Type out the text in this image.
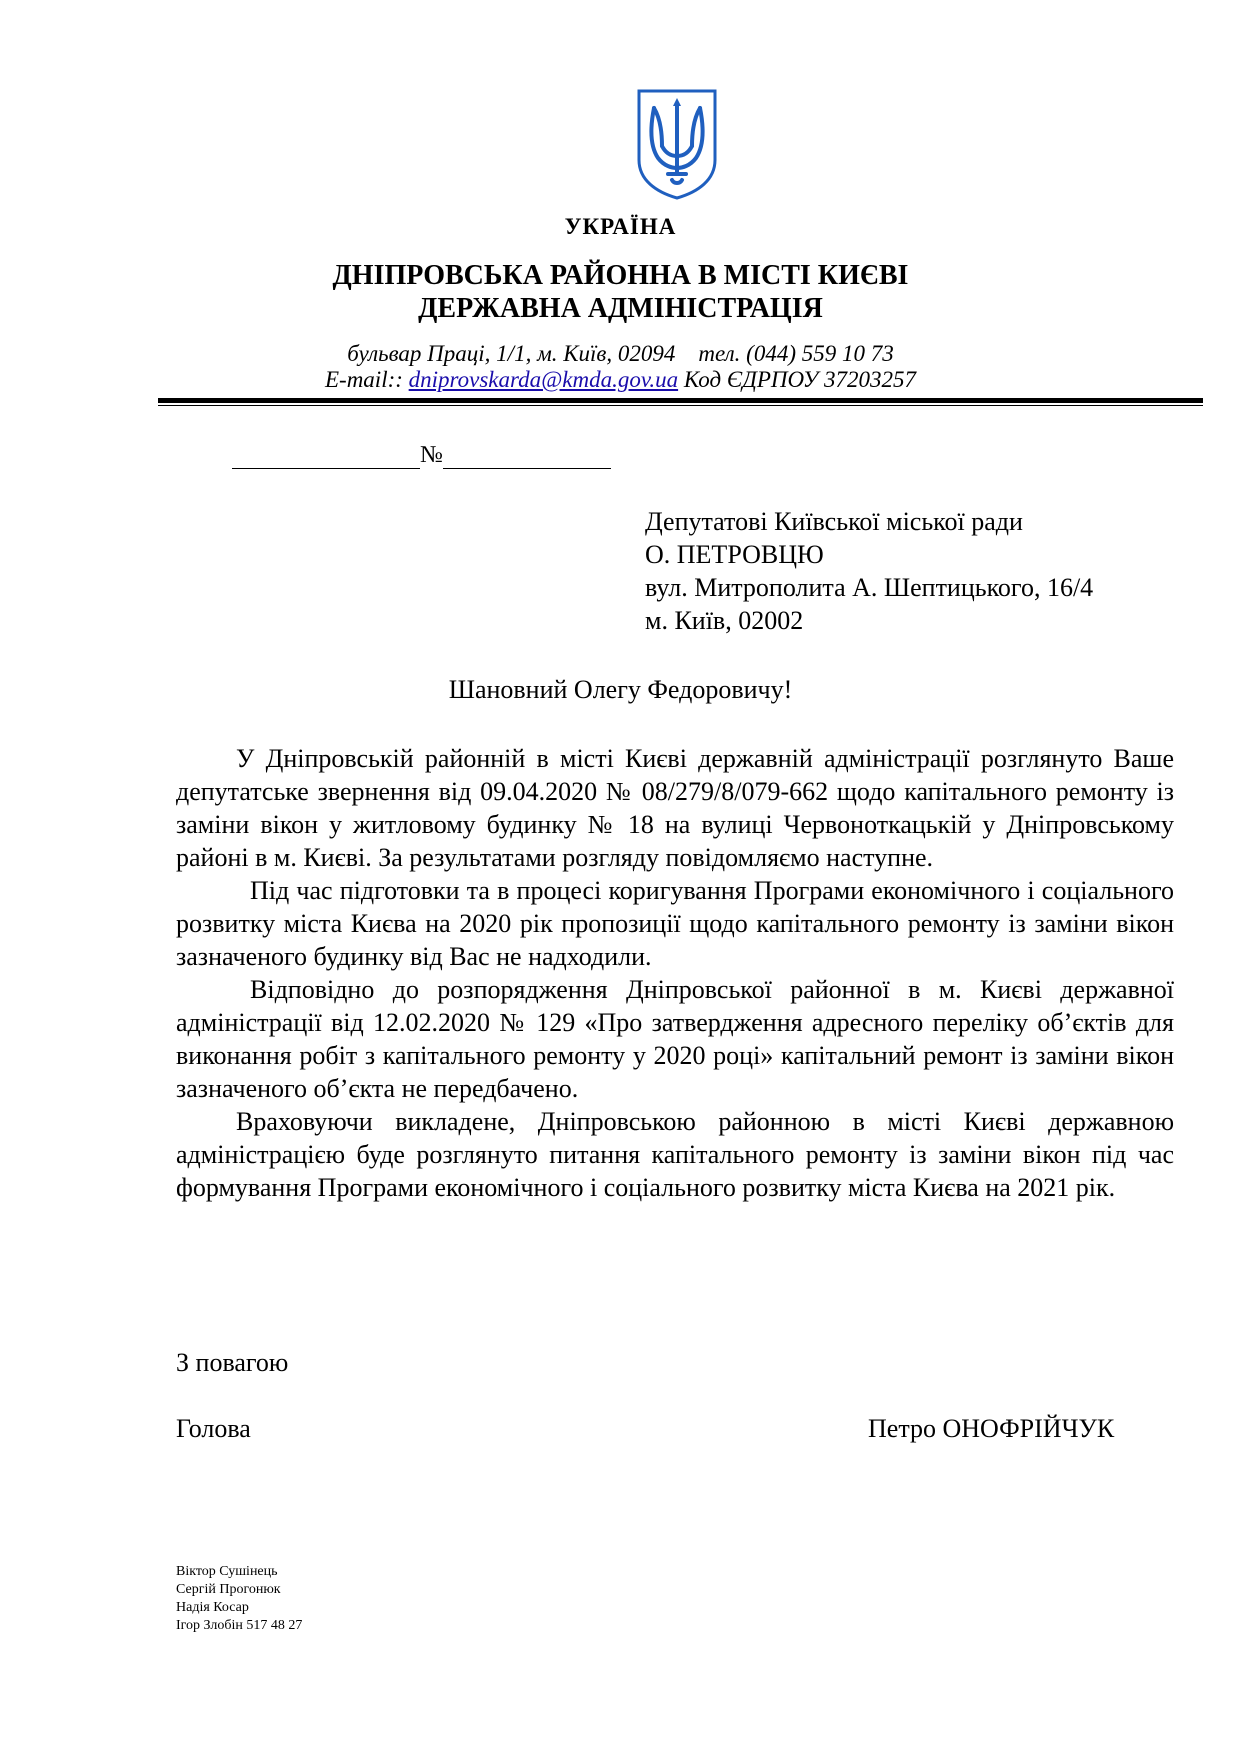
УКРАЇНА
ДНІПРОВСЬКА РАЙОННА В МІСТІ КИЄВІ
ДЕРЖАВНА АДМІНІСТРАЦІЯ
бульвар Праці, 1/1, м. Київ, 02094 тел. (044) 559 10 73
E-mail:: dniprovskarda@kmda.gov.ua Код ЄДРПОУ 37203257
№
Депутатові Київської міської ради
О. ПЕТРОВЦЮ
вул. Митрополита А. Шептицького, 16/4
м. Київ, 02002
Шановний Олегу Федоровичу!

У Дніпровській районній в місті Києві державній адміністрації розглянуто Ваше депутатське звернення від 09.04.2020 № 08/279/8/079-662 щодо капітального ремонту із заміни вікон у житловому будинку № 18 на вулиці Червоноткацькій у Дніпровському районі в м. Києві. За результатами розгляду повідомляємо наступне.

Під час підготовки та в процесі коригування Програми економічного і соціального розвитку міста Києва на 2020 рік пропозиції щодо капітального ремонту із заміни вікон зазначеного будинку від Вас не надходили.

Відповідно до розпорядження Дніпровської районної в м. Києві державної адміністрації від 12.02.2020 № 129 «Про затвердження адресного переліку об’єктів для виконання робіт з капітального ремонту у 2020 році» капітальний ремонт із заміни вікон зазначеного об’єкта не передбачено.

Враховуючи викладене, Дніпровською районною в місті Києві державною адміністрацією буде розглянуто питання капітального ремонту із заміни вікон під час формування Програми економічного і соціального розвитку міста Києва на 2021 рік.

З повагою
Голова	Петро ОНОФРІЙЧУК
Віктор Сушінець
Сергій Прогонюк
Надія Косар
Ігор Злобін 517 48 27
